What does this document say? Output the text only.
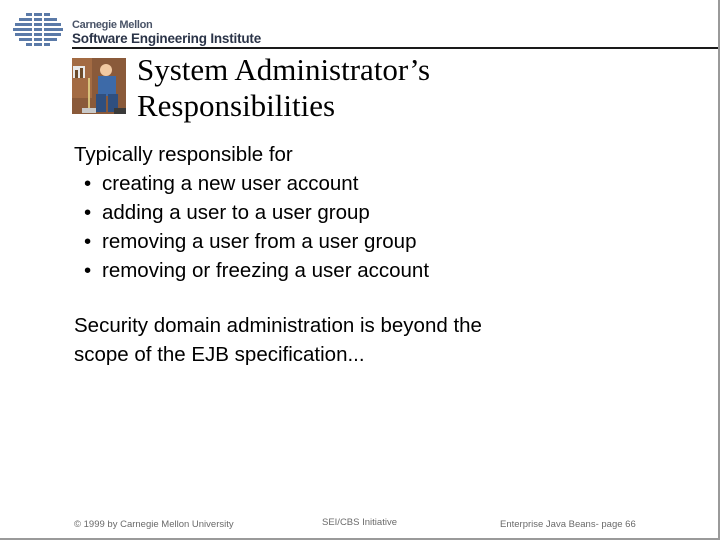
Carnegie Mellon
Software Engineering Institute
System Administrator’s
Responsibilities

Typically responsible for

• creating a new user account
• adding a user to a user group
• removing a user from a user group
• removing or freezing a user account
Security domain administration is beyond the
scope of the EJB specification...
© 1999 by Carnegie Mellon University	SEI/CBS Initiative	Enterprise Java Beans- page 66
